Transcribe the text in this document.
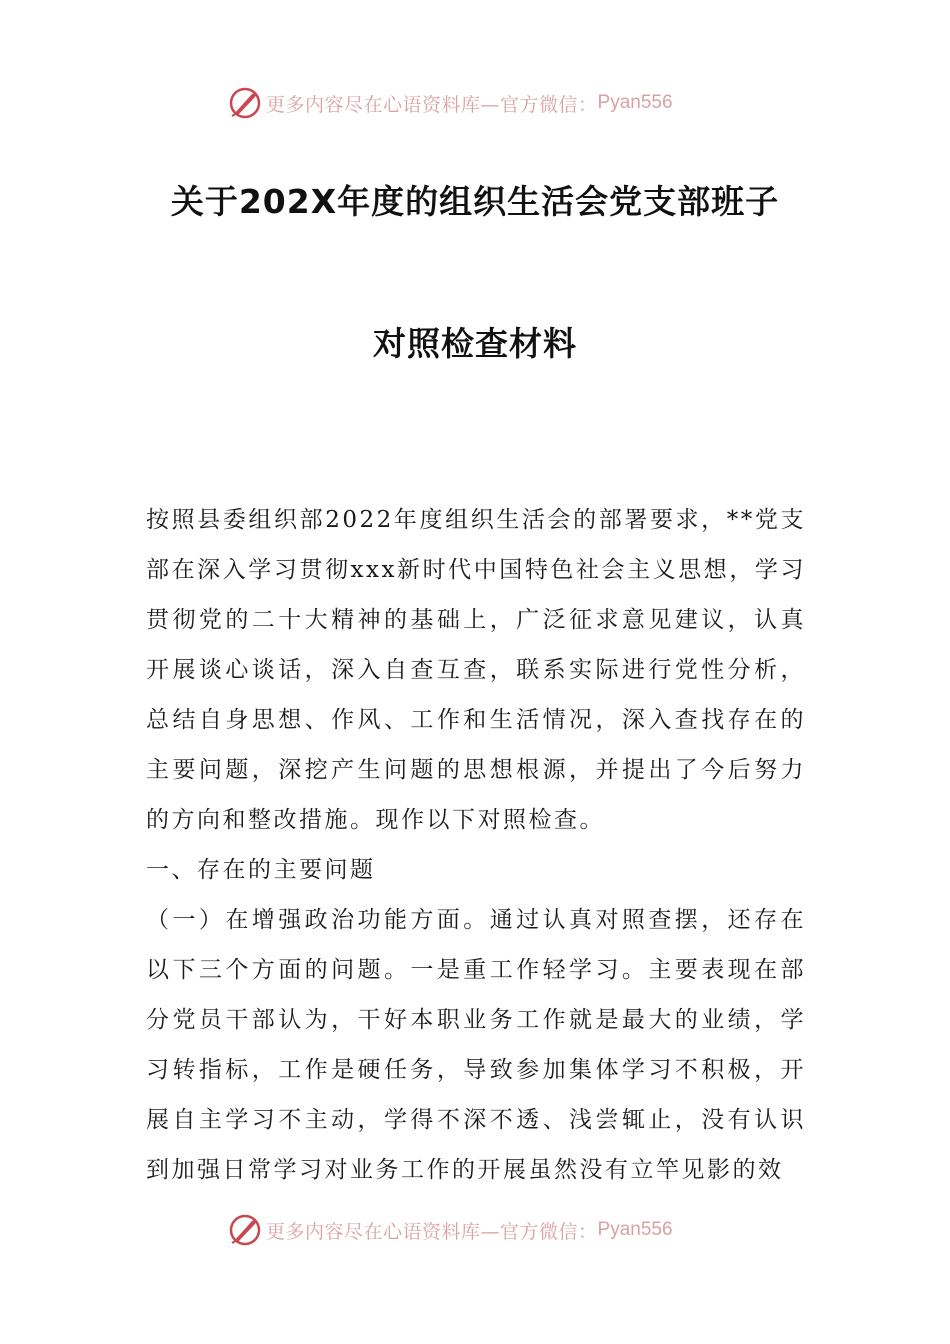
更多内容尽在心语资料库—官方微信： Pyan556
关于202X年度的组织生活会党支部班子
对照检查材料

按照县委组织部2022年度组织生活会的部署要求，**党支部在深入学习贯彻xxx新时代中国特色社会主义思想，学习贯彻党的二十大精神的基础上，广泛征求意见建议，认真开展谈心谈话，深入自查互查，联系实际进行党性分析，总结自身思想、作风、工作和生活情况，深入查找存在的主要问题，深挖产生问题的思想根源，并提出了今后努力的方向和整改措施。现作以下对照检查。

一、存在的主要问题

（一）在增强政治功能方面。通过认真对照查摆，还存在以下三个方面的问题。一是重工作轻学习。主要表现在部分党员干部认为，干好本职业务工作就是最大的业绩，学习转指标，工作是硬任务，导致参加集体学习不积极，开展自主学习不主动，学得不深不透、浅尝辄止，没有认识到加强日常学习对业务工作的开展虽然没有立竿见影的效

更多内容尽在心语资料库—官方微信： Pyan556
